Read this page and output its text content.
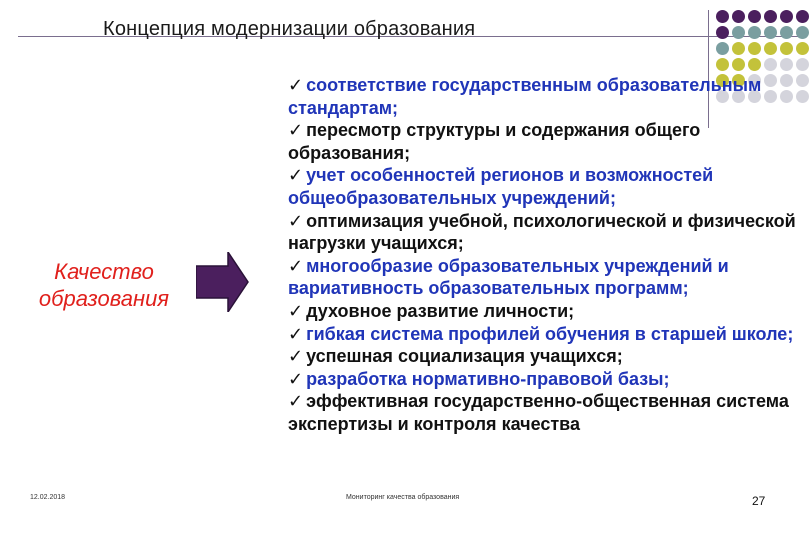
Концепция модернизации образования
Качество
образования
✓ соответствие государственным образовательным стандартам;
✓ пересмотр структуры и содержания общего образования;
✓ учет особенностей регионов и возможностей общеобразовательных учреждений;
✓ оптимизация учебной, психологической и физической нагрузки учащихся;
✓ многообразие образовательных учреждений и вариативность образовательных программ;
✓ духовное развитие личности;
✓ гибкая система профилей обучения в старшей школе;
✓ успешная социализация учащихся;
✓ разработка нормативно-правовой базы;
✓ эффективная государственно-общественная система экспертизы и контроля качества
12.02.2018	Мониторинг качества образования	27
